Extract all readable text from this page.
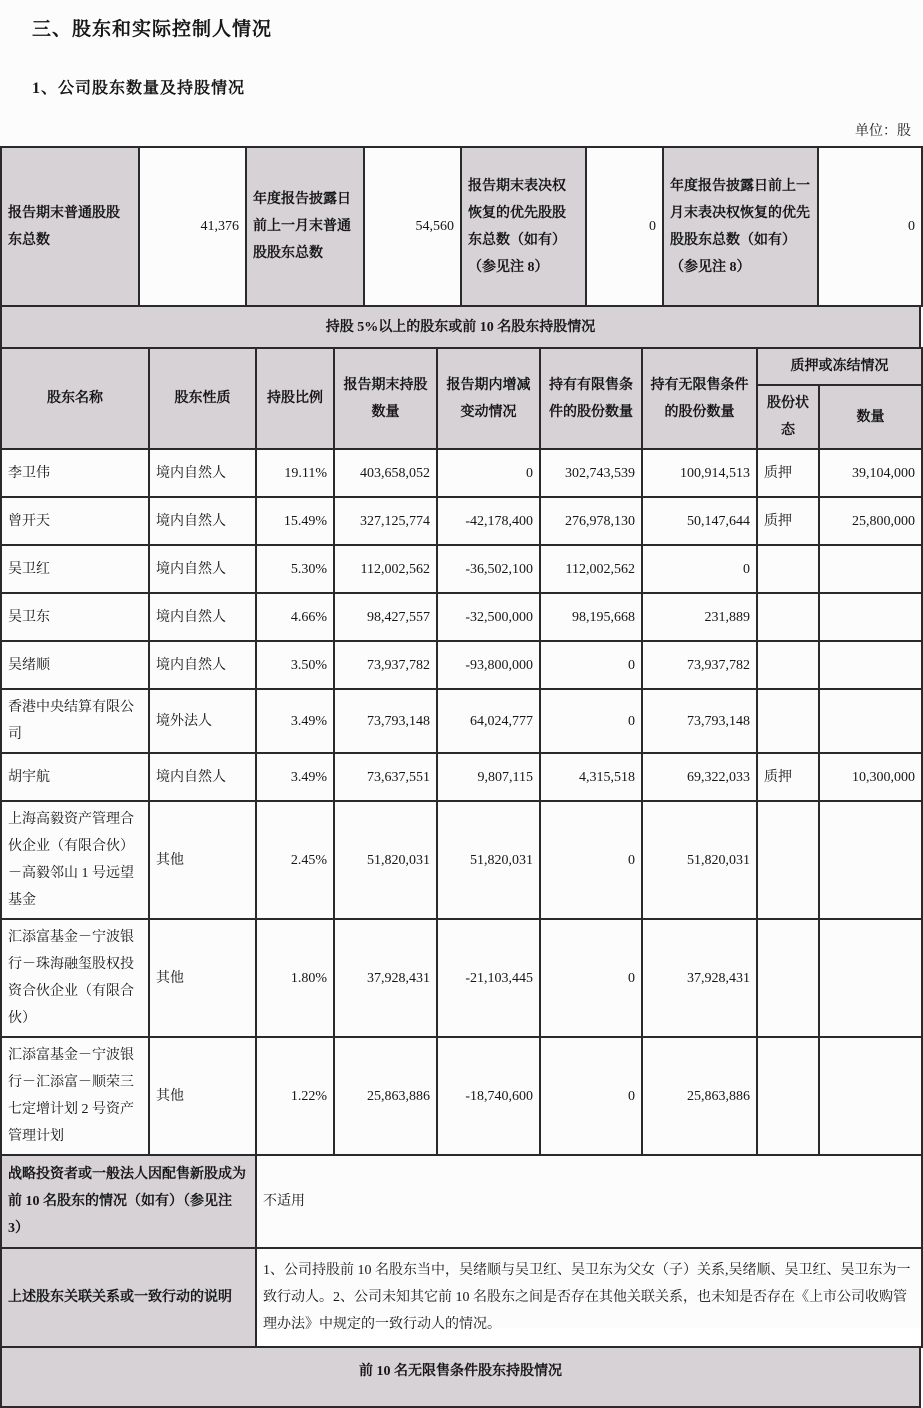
三、股东和实际控制人情况
1、公司股东数量及持股情况
单位：股
报告期末普通股股东总数	41,376	年度报告披露日前上一月末普通股股东总数	54,560	报告期末表决权恢复的优先股股东总数（如有）（参见注 8）	0	年度报告披露日前上一月末表决权恢复的优先股股东总数（如有）（参见注 8）	0
持股 5%以上的股东或前 10 名股东持股情况
股东名称	股东性质	持股比例	报告期末持股数量	报告期内增减变动情况	持有有限售条件的股份数量	持有无限售条件的股份数量	质押或冻结情况	
							股份状态	数量
李卫伟	境内自然人	19.11%	403,658,052	0	302,743,539	100,914,513	质押	39,104,000
曾开天	境内自然人	15.49%	327,125,774	-42,178,400	276,978,130	50,147,644	质押	25,800,000
吴卫红	境内自然人	5.30%	112,002,562	-36,502,100	112,002,562	0		
吴卫东	境内自然人	4.66%	98,427,557	-32,500,000	98,195,668	231,889		
吴绪顺	境内自然人	3.50%	73,937,782	-93,800,000	0	73,937,782		
香港中央结算有限公司	境外法人	3.49%	73,793,148	64,024,777	0	73,793,148		
胡宇航	境内自然人	3.49%	73,637,551	9,807,115	4,315,518	69,322,033	质押	10,300,000
上海高毅资产管理合伙企业（有限合伙）－高毅邻山 1 号远望基金	其他	2.45%	51,820,031	51,820,031	0	51,820,031		
汇添富基金－宁波银行－珠海融玺股权投资合伙企业（有限合伙）	其他	1.80%	37,928,431	-21,103,445	0	37,928,431		
汇添富基金－宁波银行－汇添富－顺荣三七定增计划 2 号资产管理计划	其他	1.22%	25,863,886	-18,740,600	0	25,863,886		
战略投资者或一般法人因配售新股成为前 10 名股东的情况（如有）（参见注 3）	不适用
上述股东关联关系或一致行动的说明	1、公司持股前 10 名股东当中，吴绪顺与吴卫红、吴卫东为父女（子）关系,吴绪顺、吴卫红、吴卫东为一致行动人。2、公司未知其它前 10 名股东之间是否存在其他关联关系，也未知是否存在《上市公司收购管理办法》中规定的一致行动人的情况。
前 10 名无限售条件股东持股情况
